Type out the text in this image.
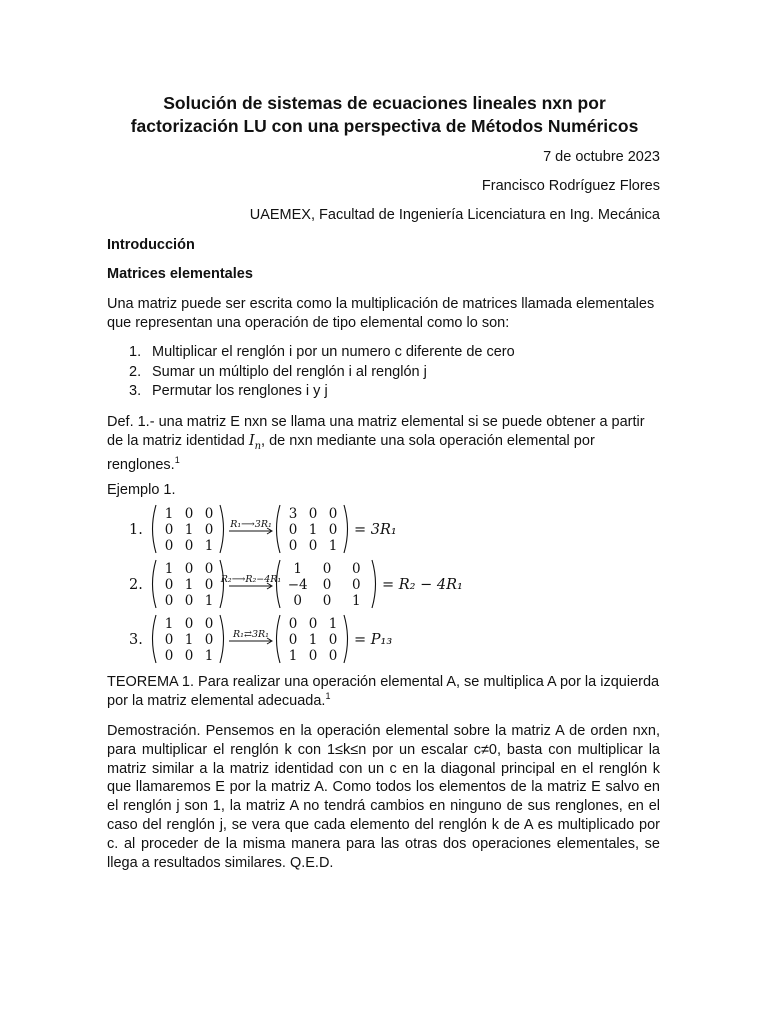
Solución de sistemas de ecuaciones lineales nxn por
factorización LU con una perspectiva de Métodos Numéricos
7 de octubre 2023
Francisco Rodríguez Flores
UAEMEX, Facultad de Ingeniería Licenciatura en Ing. Mecánica
Introducción
Matrices elementales
Una matriz puede ser escrita como la multiplicación de matrices llamada elementales que representan una operación de tipo elemental como lo son:
1. Multiplicar el renglón i por un numero c diferente de cero
2. Sumar un múltiplo del renglón i al renglón j
3. Permutar los renglones i y j
Def. 1.- una matriz E nxn se llama una matriz elemental si se puede obtener a partir de la matriz identidad $I_n$, de nxn mediante una sola operación elemental por renglones.$^1$
Ejemplo 1.
1.
1 0 0
0 1 0
0 0 1
R₁⟶3R₁
3 0 0
0 1 0
0 0 1
= 3R₁
2.
1 0 0
0 1 0
0 0 1
R₂⟶R₂−4R₁
1 0 0
−4 0 0
0 0 1
= R₂ − 4R₁
3.
1 0 0
0 1 0
0 0 1
R₁⇄3R₁
0 0 1
0 1 0
1 0 0
= P₁₃
TEOREMA 1. Para realizar una operación elemental A, se multiplica A por la izquierda por la matriz elemental adecuada.$^1$
Demostración. Pensemos en la operación elemental sobre la matriz A de orden nxn, para multiplicar el renglón k con 1≤k≤n por un escalar c≠0, basta con multiplicar la matriz similar a la matriz identidad con un c en la diagonal principal en el renglón k que llamaremos E por la matriz A. Como todos los elementos de la matriz E salvo en el renglón j son 1, la matriz A no tendrá cambios en ninguno de sus renglones, en el caso del renglón j, se vera que cada elemento del renglón k de A es multiplicado por c. al proceder de la misma manera para las otras dos operaciones elementales, se llega a resultados similares. Q.E.D.
